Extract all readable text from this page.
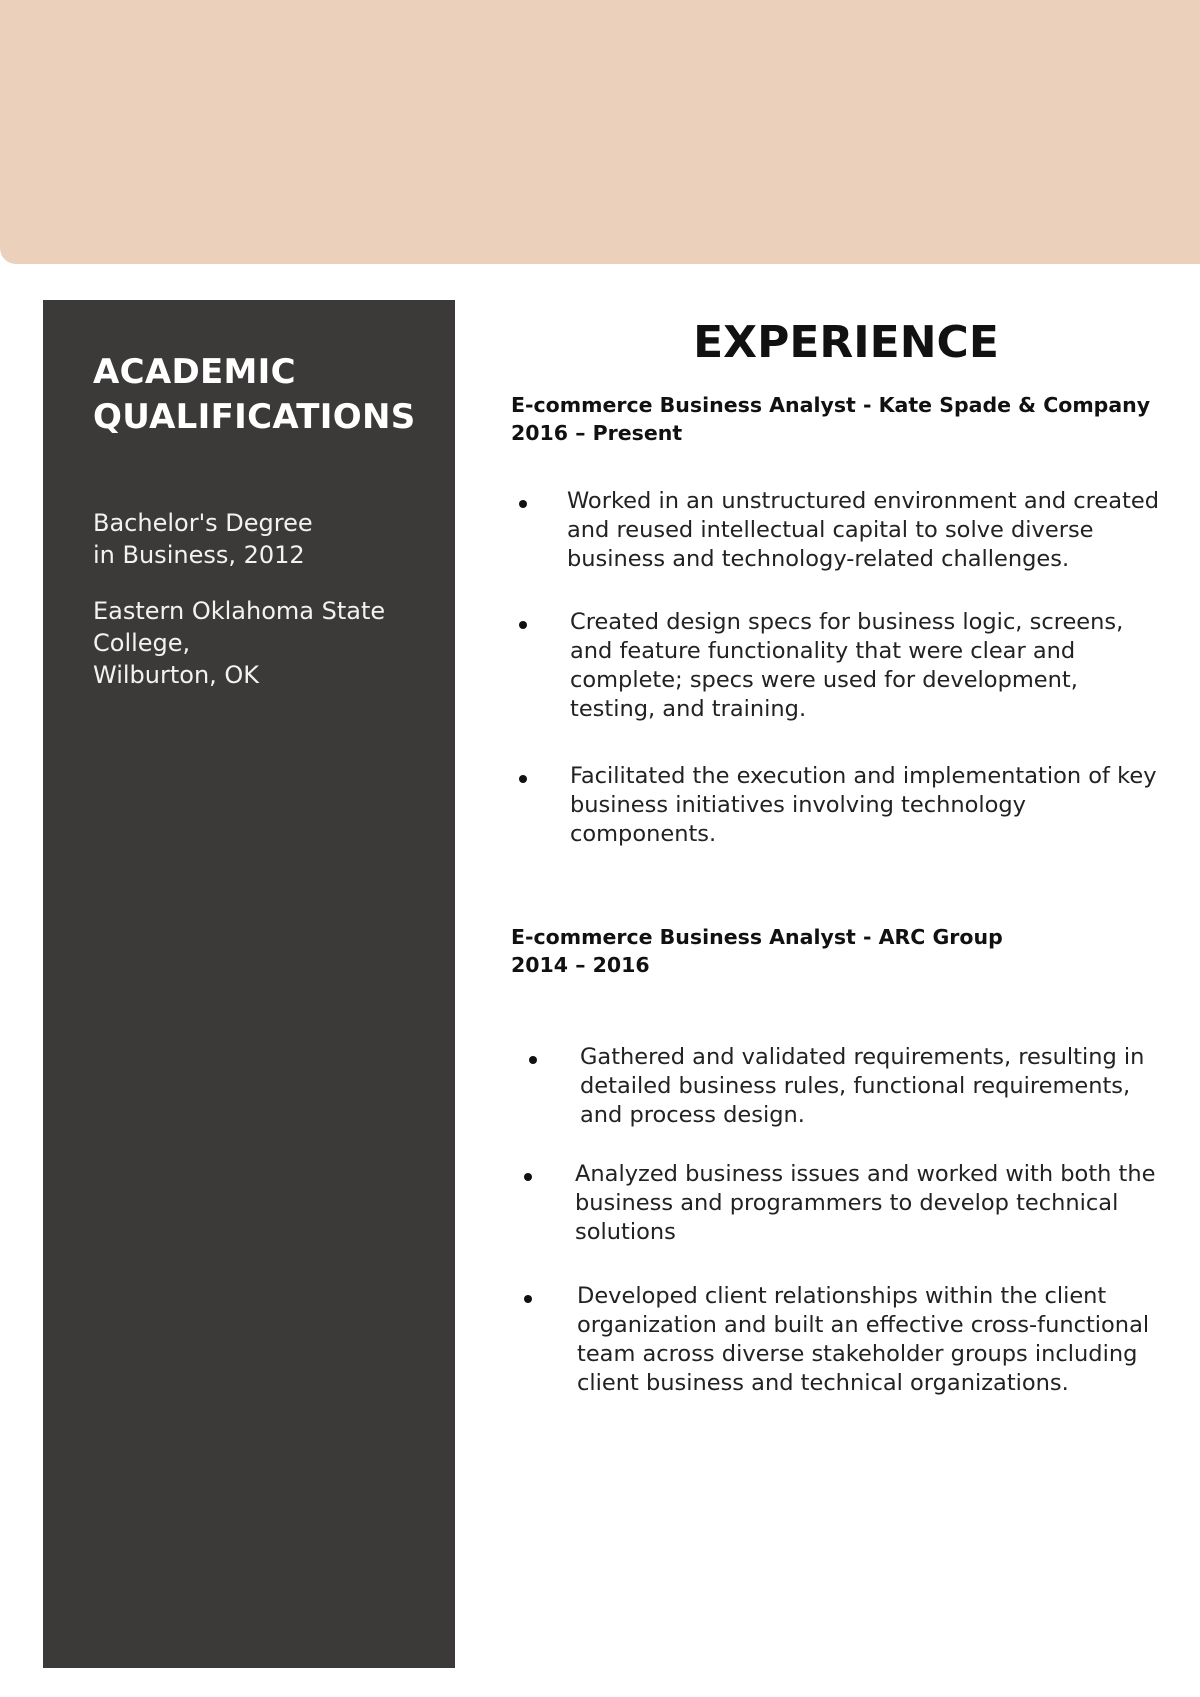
ACADEMIC
QUALIFICATIONS

Bachelor's Degree
in Business, 2012

Eastern Oklahoma State
College,
Wilburton, OK

EXPERIENCE

E-commerce Business Analyst - Kate Spade & Company

2016 – Present

Worked in an unstructured environment and created and reused intellectual capital to solve diverse business and technology-related challenges.
Created design specs for business logic, screens, and feature functionality that were clear and complete; specs were used for development, testing, and training.
Facilitated the execution and implementation of key business initiatives involving technology components.

E-commerce Business Analyst - ARC Group

2014 – 2016

Gathered and validated requirements, resulting in detailed business rules, functional requirements, and process design.
Analyzed business issues and worked with both the business and programmers to develop technical solutions
Developed client relationships within the client organization and built an effective cross-functional team across diverse stakeholder groups including client business and technical organizations.
